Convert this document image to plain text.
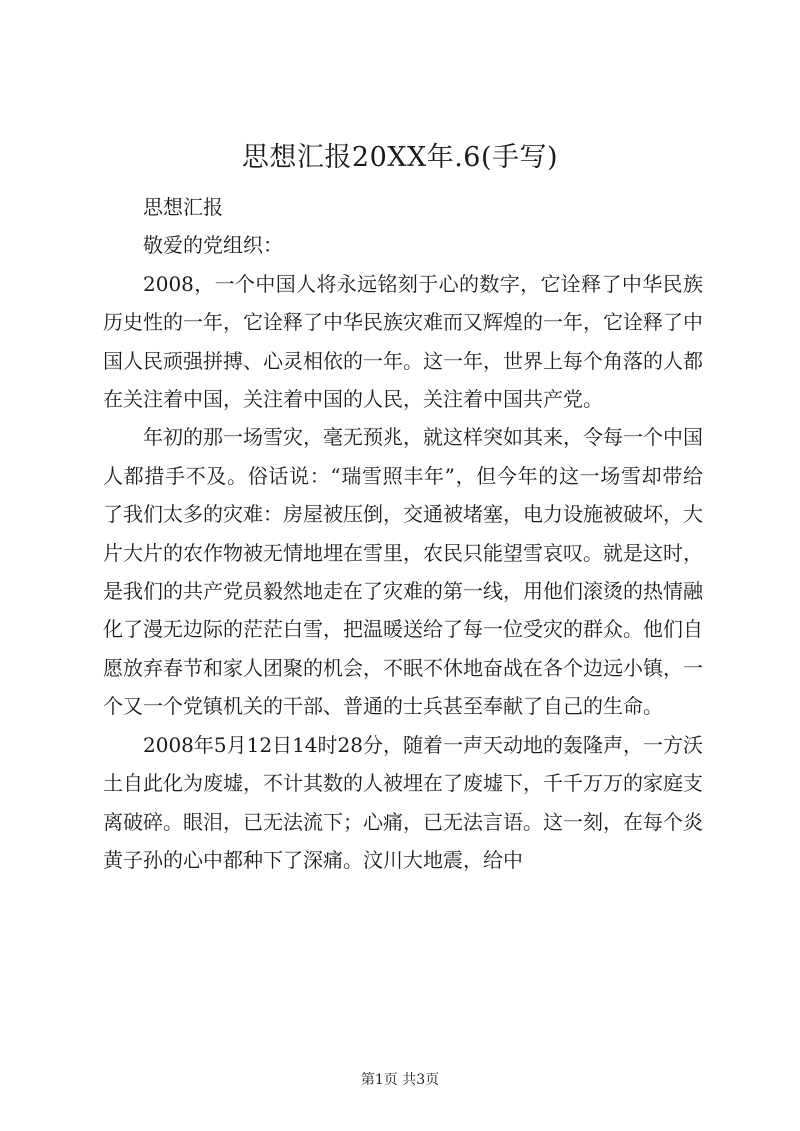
思想汇报20XX年.6(手写)

思想汇报

敬爱的党组织：

2008，一个中国人将永远铭刻于心的数字，它诠释了中华民族历史性的一年，它诠释了中华民族灾难而又辉煌的一年，它诠释了中国人民顽强拼搏、心灵相依的一年。这一年，世界上每个角落的人都在关注着中国，关注着中国的人民，关注着中国共产党。

年初的那一场雪灾，毫无预兆，就这样突如其来，令每一个中国人都措手不及。俗话说：“瑞雪照丰年”，但今年的这一场雪却带给了我们太多的灾难：房屋被压倒，交通被堵塞，电力设施被破坏，大片大片的农作物被无情地埋在雪里，农民只能望雪哀叹。就是这时，是我们的共产党员毅然地走在了灾难的第一线，用他们滚烫的热情融化了漫无边际的茫茫白雪，把温暖送给了每一位受灾的群众。他们自愿放弃春节和家人团聚的机会，不眠不休地奋战在各个边远小镇，一个又一个党镇机关的干部、普通的士兵甚至奉献了自己的生命。

2008年5月12日14时28分，随着一声天动地的轰隆声，一方沃土自此化为废墟，不计其数的人被埋在了废墟下，千千万万的家庭支离破碎。眼泪，已无法流下；心痛，已无法言语。这一刻，在每个炎黄子孙的心中都种下了深痛。汶川大地震，给中

第1页 共3页
